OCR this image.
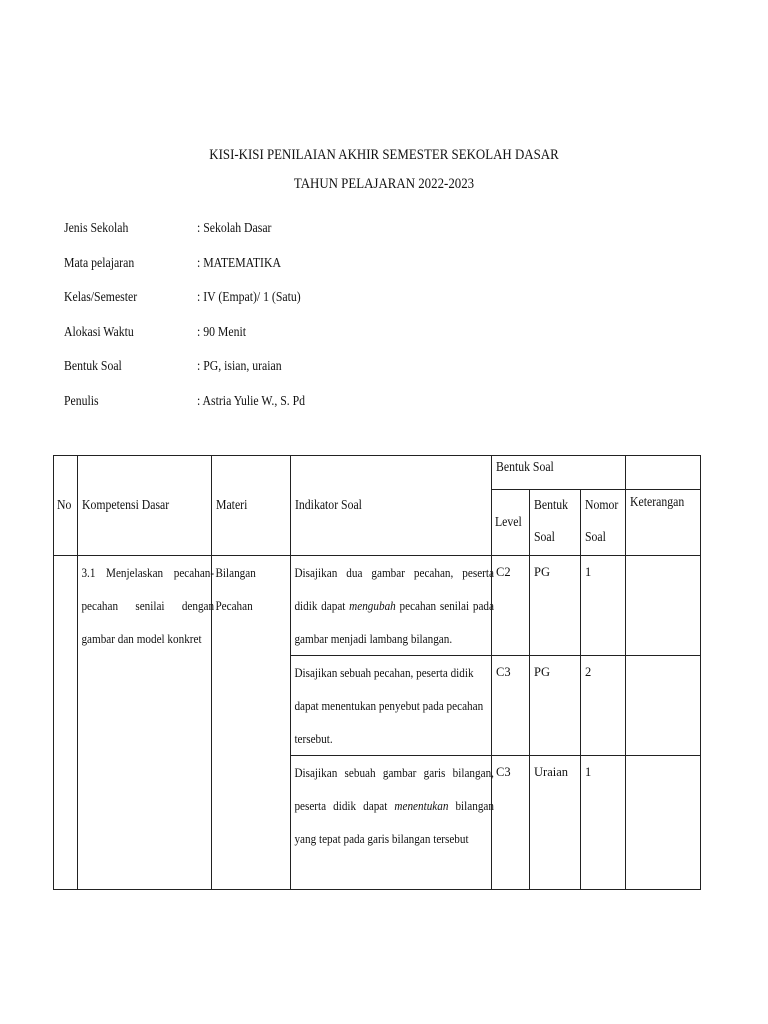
KISI-KISI PENILAIAN AKHIR SEMESTER SEKOLAH DASAR
TAHUN PELAJARAN 2022-2023
Jenis Sekolah	: Sekolah Dasar
Mata pelajaran	: MATEMATIKA
Kelas/Semester	: IV (Empat)/ 1 (Satu)
Alokasi Waktu	: 90 Menit
Bentuk Soal	: PG, isian, uraian
Penulis	: Astria Yulie W., S. Pd
No	Kompetensi Dasar	Materi	Indikator Soal	Bentuk Soal			
				Level	Bentuk Soal	Nomor Soal	Keterangan

	3.1 Menjelaskan pecahan-pecahan senilai dengan gambar dan model konkret	Bilangan Pecahan	Disajikan dua gambar pecahan, peserta didik dapat mengubah pecahan senilai pada gambar menjadi lambang bilangan.	C2	PG	1	

			Disajikan sebuah pecahan, peserta didik dapat menentukan penyebut pada pecahan tersebut.	C3	PG	2	

			Disajikan sebuah gambar garis bilangan, peserta didik dapat menentukan bilangan yang tepat pada garis bilangan tersebut	C3	Uraian	1	
